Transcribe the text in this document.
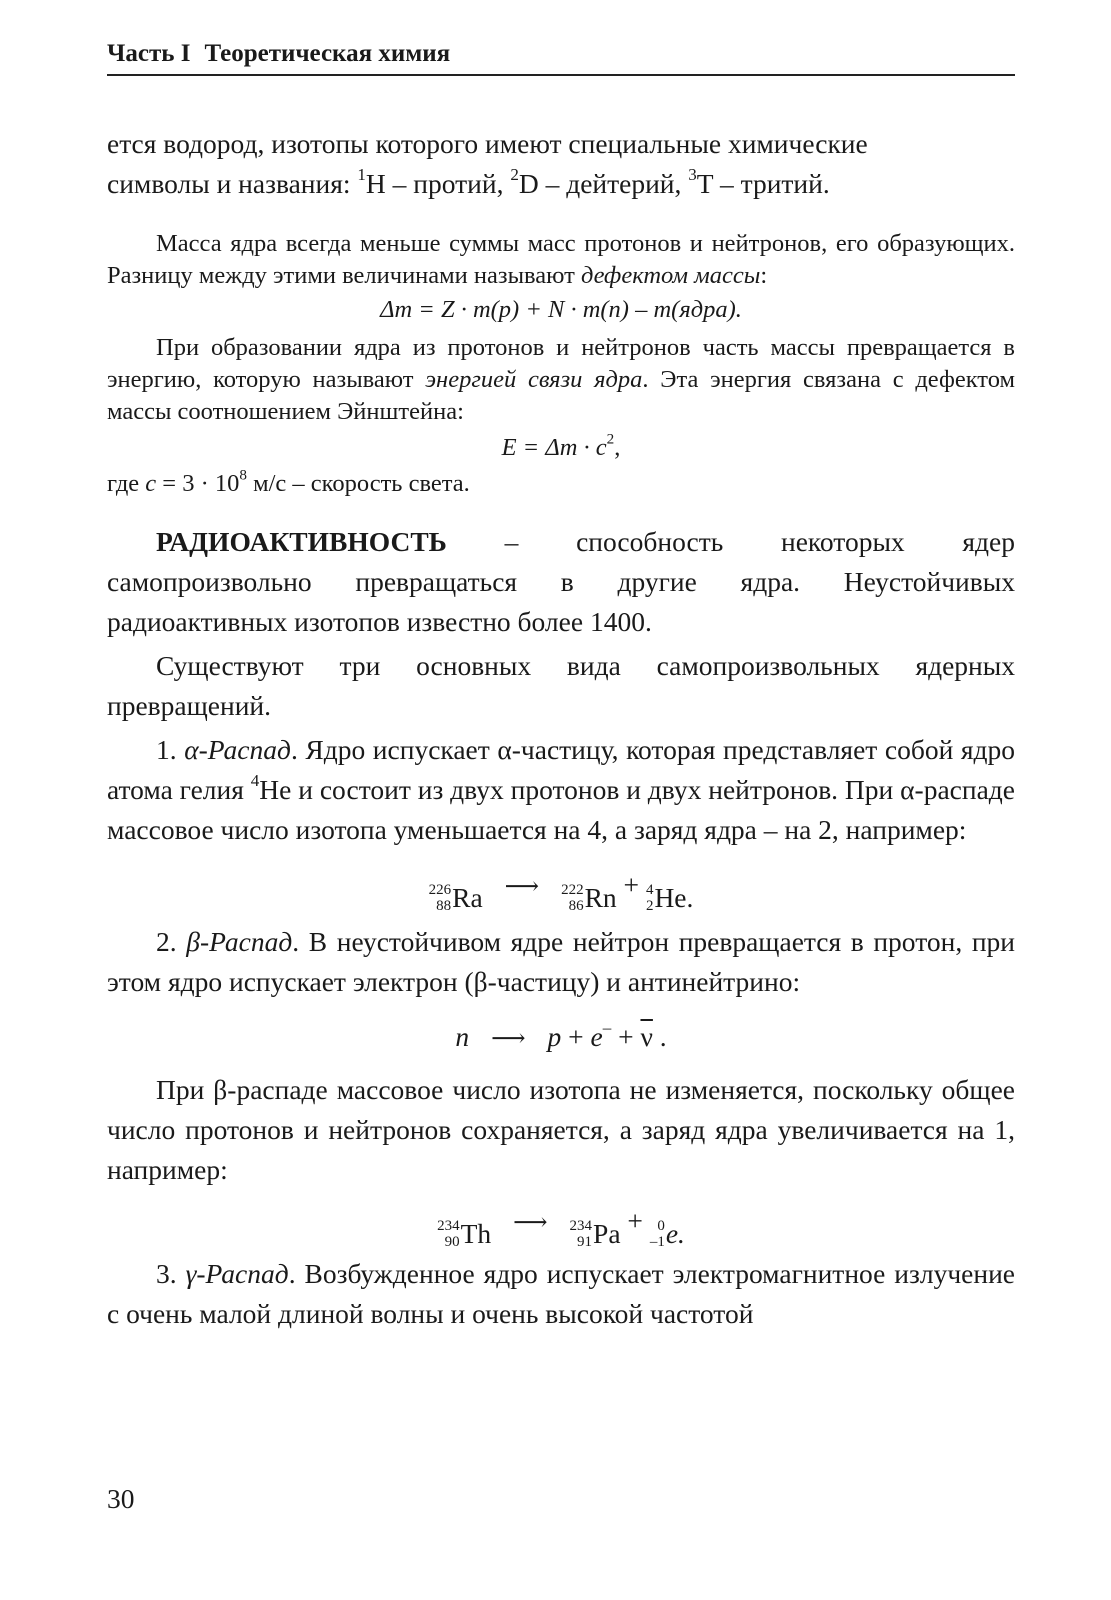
Часть I Теоретическая химия

ется водород, изотопы которого имеют специальные химические
символы и названия: $^1$H – протий, $^2$D – дейтерий, $^3$T – тритий.

Масса ядра всегда меньше суммы масс протонов и нейтронов, его образующих. Разницу между этими величинами называют дефектом массы:

Δm = Z · m(p) + N · m(n) – m(ядра).

При образовании ядра из протонов и нейтронов часть массы превращается в энергию, которую называют энергией связи ядра. Эта энергия связана с дефектом массы соотношением Эйнштейна:

$E = \Delta m \cdot c^2$,

где $c = 3 \cdot 10^8$ м/с – скорость света.

РАДИОАКТИВНОСТЬ – способность некоторых ядер самопроизвольно превращаться в другие ядра. Неустойчивых радиоактивных изотопов известно более 1400.

Существуют три основных вида самопроизвольных ядерных превращений.

1. α-Распад. Ядро испускает α-частицу, которая представляет собой ядро атома гелия $^4$He и состоит из двух протонов и двух нейтронов. При α-распаде массовое число изотопа уменьшается на 4, а заряд ядра – на 2, например:

226
88 Ra ⟶ 222
86 Rn + 4
2 He.

2. β-Распад. В неустойчивом ядре нейтрон превращается в протон, при этом ядро испускает электрон (β-частицу) и антинейтрино:

n ⟶ $p + e^- + \overline{\nu}$ .

При β-распаде массовое число изотопа не изменяется, поскольку общее число протонов и нейтронов сохраняется, а заряд ядра увеличивается на 1, например:

234
90 Th ⟶ 234
91 Pa + 0
–1 e.

3. γ-Распад. Возбужденное ядро испускает электромагнитное излучение с очень малой длиной волны и очень высокой частотой

30
